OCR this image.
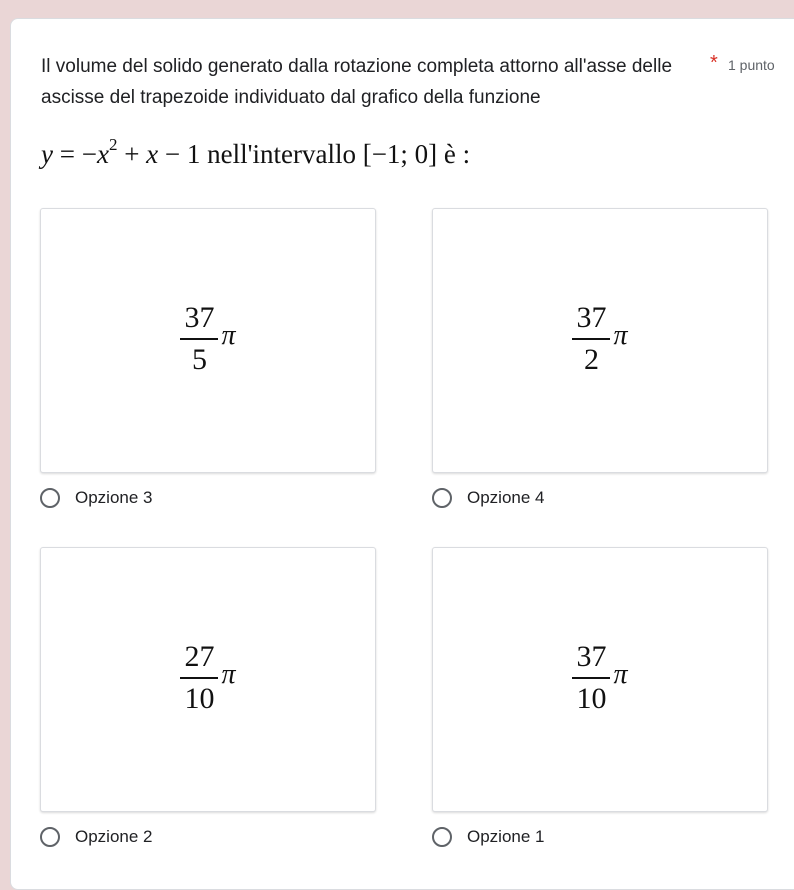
Il volume del solido generato dalla rotazione completa attorno all'asse delle ascisse del trapezoide individuato dal grafico della funzione
* 1 punto
$y = -x^2 + x - 1$ nell'intervallo [−1; 0] è :
$\frac{37}{5}$ π
Opzione 3
$\frac{37}{2}$ π
Opzione 4
$\frac{27}{10}$ π
Opzione 2
$\frac{37}{10}$ π
Opzione 1
